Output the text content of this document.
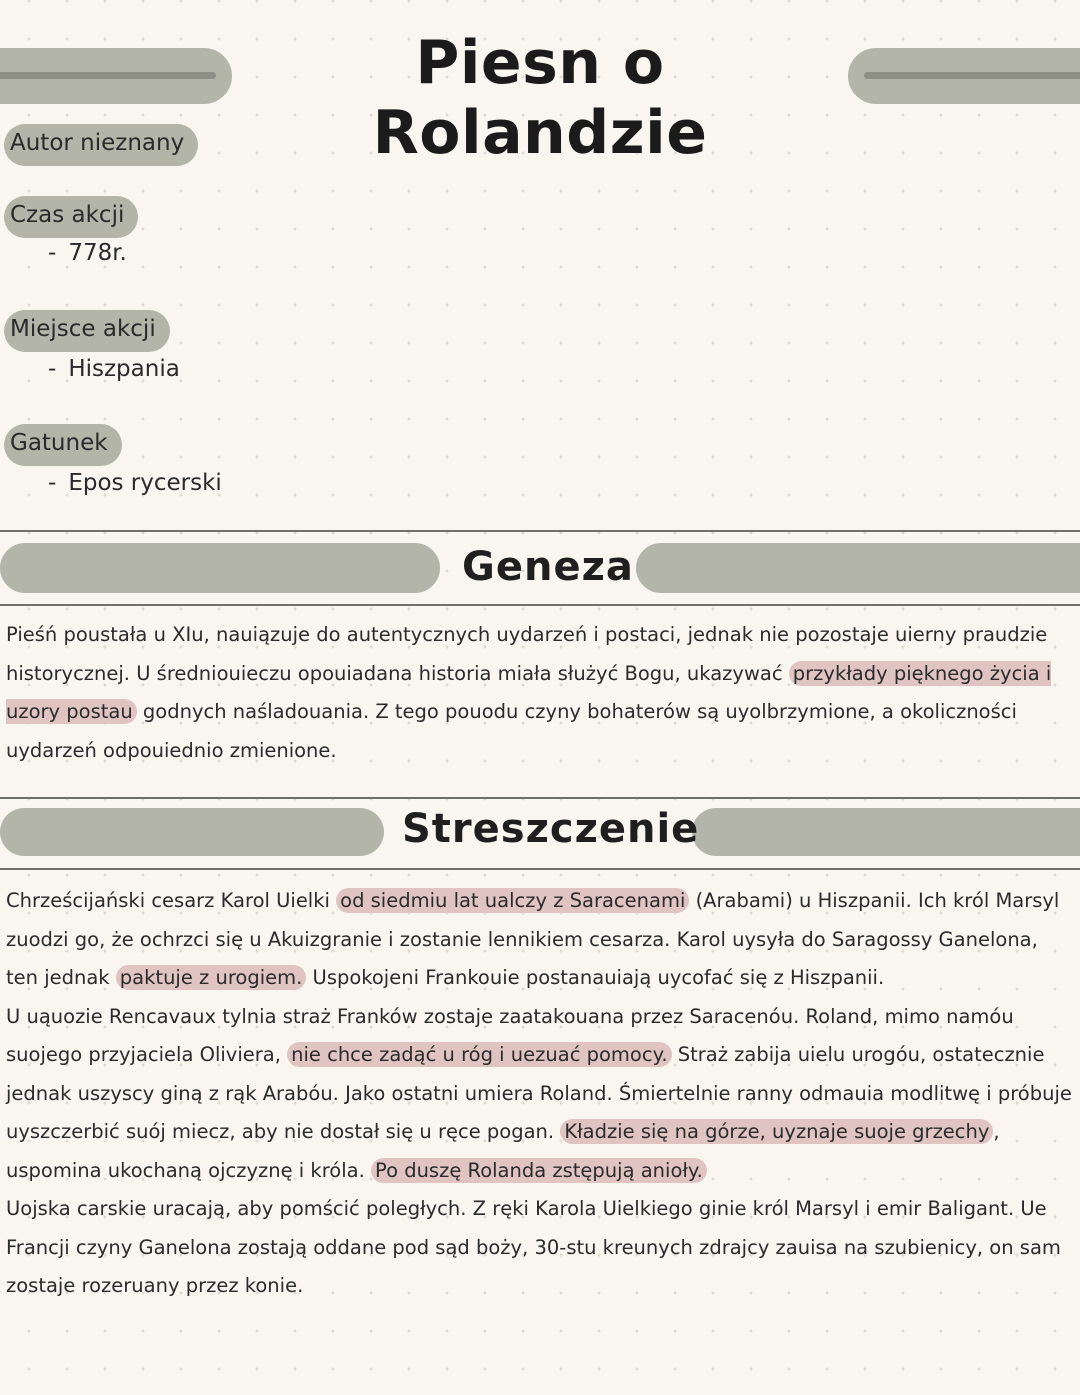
Piesn o Rolandzie
Autor nieznany
Czas akcji
- 778r.
Miejsce akcji
- Hiszpania
Gatunek
- Epos rycerski
Geneza

Pieśń poustała u XIu, nauiązuje do autentycznych uydarzeń i postaci, jednak nie pozostaje uierny praudzie historycznej. U średniouieczu opouiadana historia miała służyć Bogu, ukazywać przykłady pięknego życia i uzory postau godnych naśladouania. Z tego pouodu czyny bohaterów są uyolbrzymione, a okoliczności uydarzeń odpouiednio zmienione.

Streszczenie

Chrześcijański cesarz Karol Uielki od siedmiu lat ualczy z Saracenami (Arabami) u Hiszpanii. Ich król Marsyl zuodzi go, że ochrzci się u Akuizgranie i zostanie lennikiem cesarza. Karol uysyła do Saragossy Ganelona, ten jednak paktuje z urogiem. Uspokojeni Frankouie postanauiają uycofać się z Hiszpanii.

U uąuozie Rencavaux tylnia straż Franków zostaje zaatakouana przez Saracenóu. Roland, mimo namóu suojego przyjaciela Oliviera, nie chce zadąć u róg i uezuać pomocy. Straż zabija uielu urogóu, ostatecznie jednak uszyscy giną z rąk Arabóu. Jako ostatni umiera Roland. Śmiertelnie ranny odmauia modlitwę i próbuje uyszczerbić suój miecz, aby nie dostał się u ręce pogan. Kładzie się na górze, uyznaje suoje grzechy , uspomina ukochaną ojczyznę i króla. Po duszę Rolanda zstępują anioły.

Uojska carskie uracają, aby pomścić poległych. Z ręki Karola Uielkiego ginie król Marsyl i emir Baligant. Ue Francji czyny Ganelona zostają oddane pod sąd boży, 30-stu kreunych zdrajcy zauisa na szubienicy, on sam zostaje rozeruany przez konie.
